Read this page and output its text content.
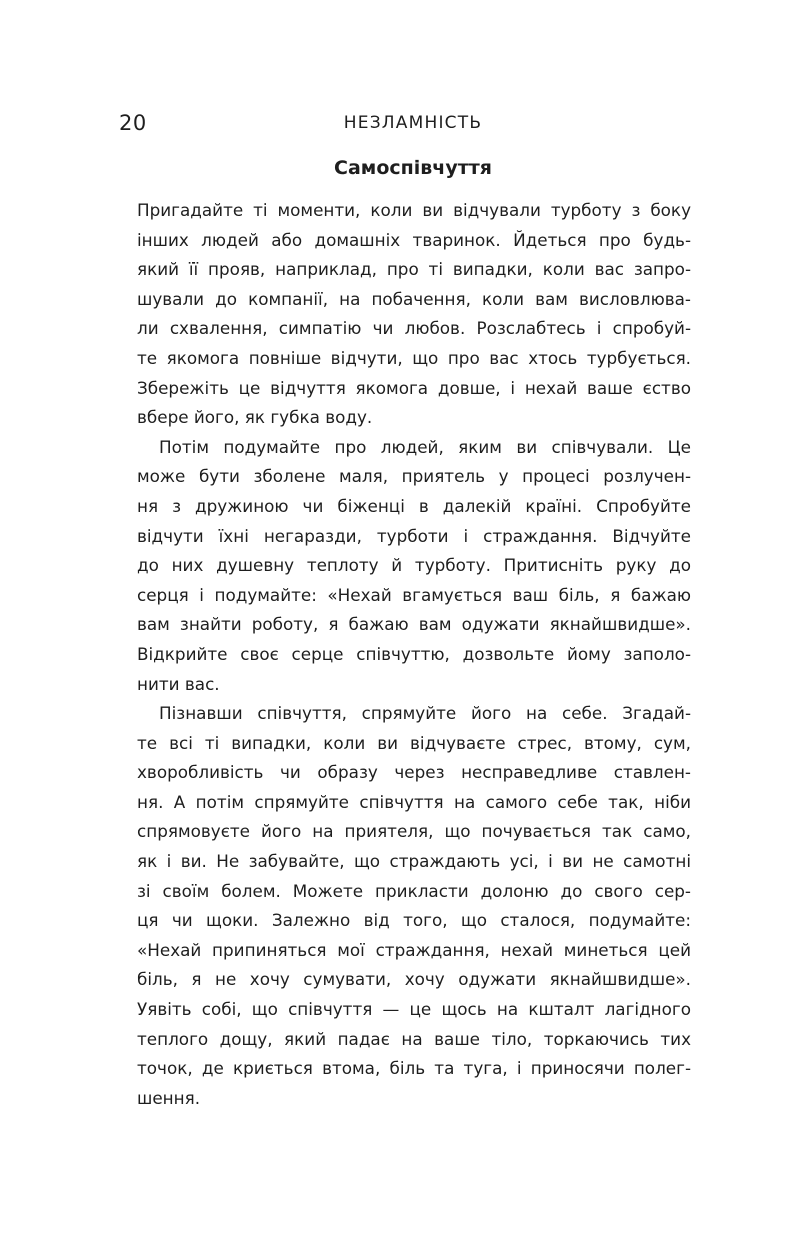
20	НЕЗЛАМНІСТЬ
Самоспівчуття

Пригадайте ті моменти, коли ви відчували турботу з боку
інших людей або домашніх тваринок. Йдеться про будь-
який її прояв, наприклад, про ті випадки, коли вас запро-
шували до компанії, на побачення, коли вам висловлюва-
ли схвалення, симпатію чи любов. Розслабтесь і спробуй-
те якомога повніше відчути, що про вас хтось турбується.
Збережіть це відчуття якомога довше, і нехай ваше єство
вбере його, як губка воду.

Потім подумайте про людей, яким ви співчували. Це
може бути зболене маля, приятель у процесі розлучен-
ня з дружиною чи біженці в далекій країні. Спробуйте
відчути їхні негаразди, турботи і страждання. Відчуйте
до них душевну теплоту й турботу. Притисніть руку до
серця і подумайте: «Нехай вгамується ваш біль, я бажаю
вам знайти роботу, я бажаю вам одужати якнайшвидше».
Відкрийте своє серце співчуттю, дозвольте йому заполо-
нити вас.

Пізнавши співчуття, спрямуйте його на себе. Згадай-
те всі ті випадки, коли ви відчуваєте стрес, втому, сум,
хворобливість чи образу через несправедливе ставлен-
ня. А потім спрямуйте співчуття на самого себе так, ніби
спрямовуєте його на приятеля, що почувається так само,
як і ви. Не забувайте, що страждають усі, і ви не самотні
зі своїм болем. Можете прикласти долоню до свого сер-
ця чи щоки. Залежно від того, що сталося, подумайте:
«Нехай припиняться мої страждання, нехай минеться цей
біль, я не хочу сумувати, хочу одужати якнайшвидше».
Уявіть собі, що співчуття — це щось на кшталт лагідного
теплого дощу, який падає на ваше тіло, торкаючись тих
точок, де криється втома, біль та туга, і приносячи полег-
шення.
